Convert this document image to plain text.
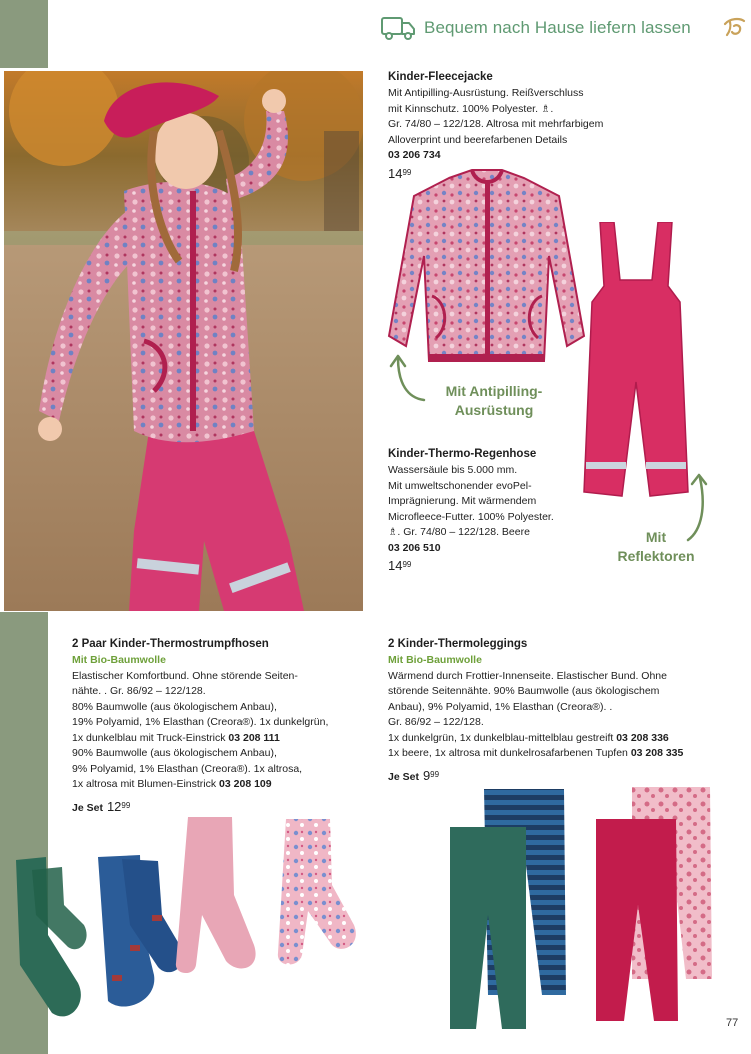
Bequem nach Hause liefern lassen
Mit Antipilling-
Ausrüstung
Mit
Reflektoren
Kinder-Fleecejacke
Mit Antipilling-Ausrüstung. Reißverschluss
mit Kinnschutz. 100% Polyester. ♗.
Gr. 74/80 – 122/128. Altrosa mit mehrfarbigem
Alloverprint und beerefarbenen Details
03 206 734
$14^{99}$
Kinder-Thermo-Regenhose
Wassersäule bis 5.000 mm.
Mit umweltschonender evoPel-
Imprägnierung. Mit wärmendem
Microfleece-Futter. 100% Polyester.
♗. Gr. 74/80 – 122/128. Beere
03 206 510
$14^{99}$
2 Paar Kinder-Thermostrumpfhosen
Mit Bio-Baumwolle
Elastischer Komfortbund. Ohne störende Seiten-
nähte. . Gr. 86/92 – 122/128.
80% Baumwolle (aus ökologischem Anbau),
19% Polyamid, 1% Elasthan (Creora®). 1x dunkelgrün,
1x dunkelblau mit Truck-Einstrick 03 208 111
90% Baumwolle (aus ökologischem Anbau),
9% Polyamid, 1% Elasthan (Creora®). 1x altrosa,
1x altrosa mit Blumen-Einstrick 03 208 109
Je Set $12^{99}$
2 Kinder-Thermoleggings
Mit Bio-Baumwolle
Wärmend durch Frottier-Innenseite. Elastischer Bund. Ohne
störende Seitennähte. 90% Baumwolle (aus ökologischem
Anbau), 9% Polyamid, 1% Elasthan (Creora®). .
Gr. 86/92 – 122/128.
1x dunkelgrün, 1x dunkelblau-mittelblau gestreift 03 208 336
1x beere, 1x altrosa mit dunkelrosafarbenen Tupfen 03 208 335
Je Set $9^{99}$
77
